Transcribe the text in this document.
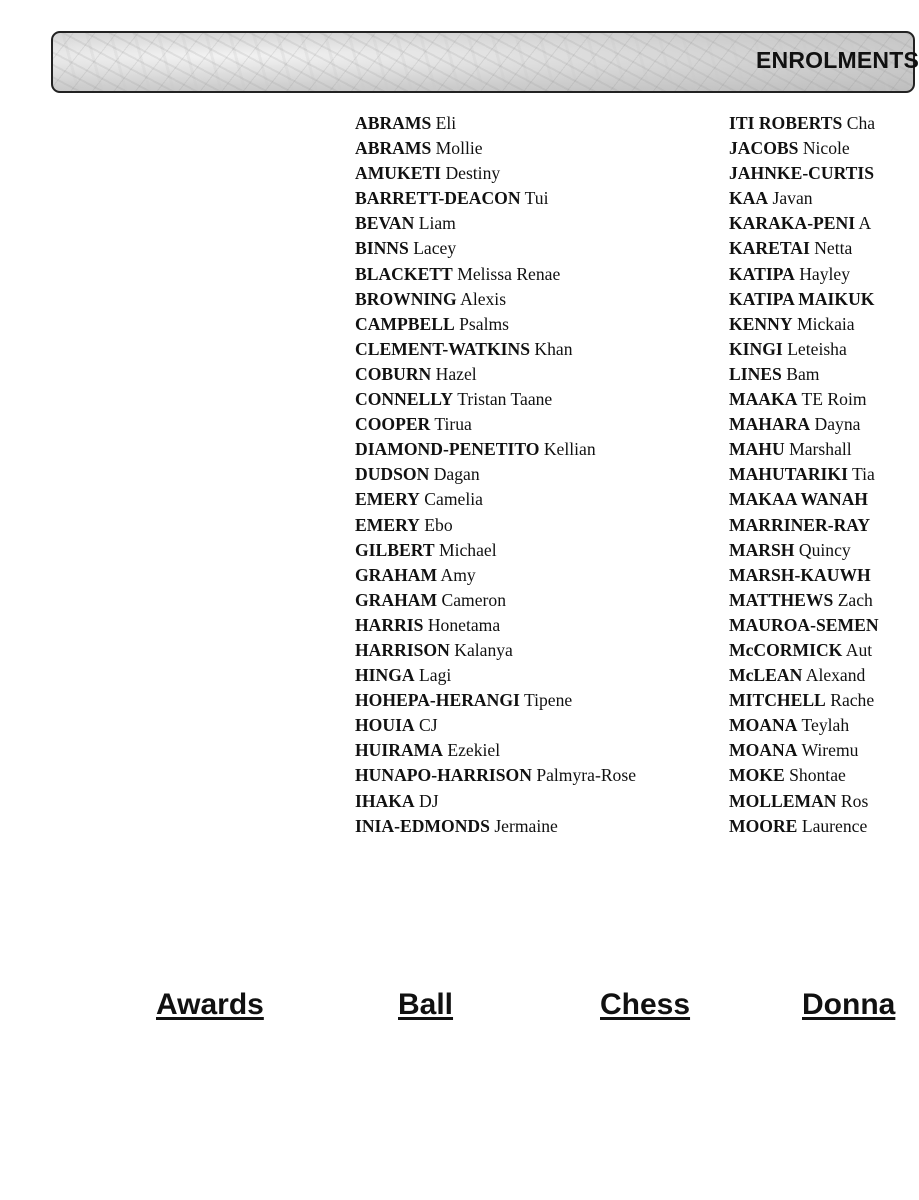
ENROLMENTS
ABRAMS Eli
ABRAMS Mollie
AMUKETI Destiny
BARRETT-DEACON Tui
BEVAN Liam
BINNS Lacey
BLACKETT Melissa Renae
BROWNING Alexis
CAMPBELL Psalms
CLEMENT-WATKINS Khan
COBURN Hazel
CONNELLY Tristan Taane
COOPER Tirua
DIAMOND-PENETITO Kellian
DUDSON Dagan
EMERY Camelia
EMERY Ebo
GILBERT Michael
GRAHAM Amy
GRAHAM Cameron
HARRIS Honetama
HARRISON Kalanya
HINGA Lagi
HOHEPA-HERANGI Tipene
HOUIA CJ
HUIRAMA Ezekiel
HUNAPO-HARRISON Palmyra-Rose
IHAKA DJ
INIA-EDMONDS Jermaine
ITI ROBERTS Cha
JACOBS Nicole
JAHNKE-CURTIS
KAA Javan
KARAKA-PENI A
KARETAI Netta
KATIPA Hayley
KATIPA MAIKUK
KENNY Mickaia
KINGI Leteisha
LINES Bam
MAAKA TE Roim
MAHARA Dayna
MAHU Marshall
MAHUTARIKI Tia
MAKAA WANAH
MARRINER-RAY
MARSH Quincy
MARSH-KAUWH
MATTHEWS Zach
MAUROA-SEMEN
McCORMICK Aut
McLEAN Alexand
MITCHELL Rache
MOANA Teylah
MOANA Wiremu
MOKE Shontae
MOLLEMAN Ros
MOORE Laurence
Awards	Ball	Chess	Donna
